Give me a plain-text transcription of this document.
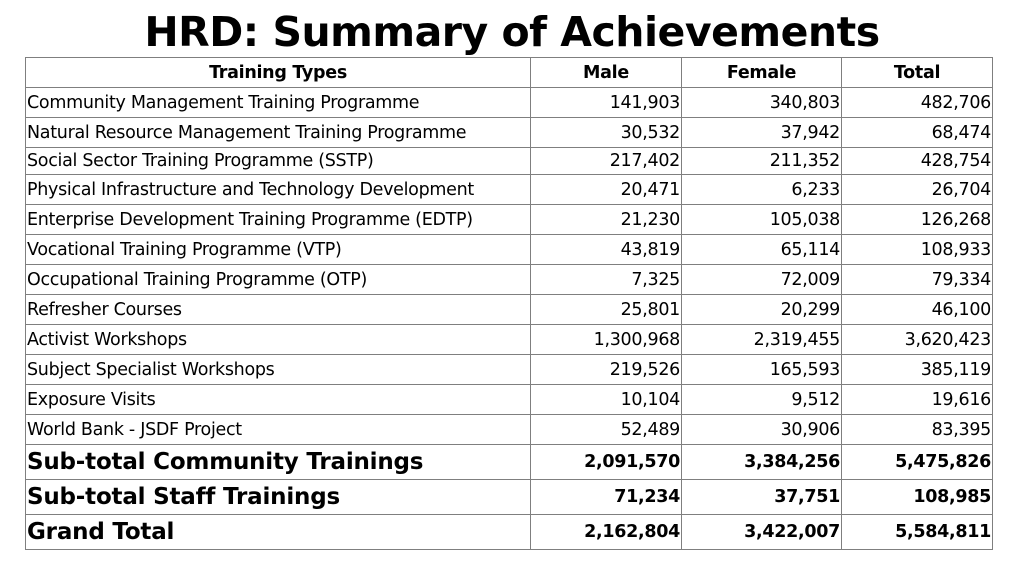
HRD: Summary of Achievements
Training Types	Male	Female	Total
Community Management Training Programme	141,903	340,803	482,706
Natural Resource Management Training Programme	30,532	37,942	68,474
Social Sector Training Programme (SSTP)	217,402	211,352	428,754
Physical Infrastructure and Technology Development	20,471	6,233	26,704
Enterprise Development Training Programme (EDTP)	21,230	105,038	126,268
Vocational Training Programme (VTP)	43,819	65,114	108,933
Occupational Training Programme (OTP)	7,325	72,009	79,334
Refresher Courses	25,801	20,299	46,100
Activist Workshops	1,300,968	2,319,455	3,620,423
Subject Specialist Workshops	219,526	165,593	385,119
Exposure Visits	10,104	9,512	19,616
World Bank - JSDF Project	52,489	30,906	83,395
Sub-total Community Trainings	2,091,570	3,384,256	5,475,826
Sub-total Staff Trainings	71,234	37,751	108,985
Grand Total	2,162,804	3,422,007	5,584,811
